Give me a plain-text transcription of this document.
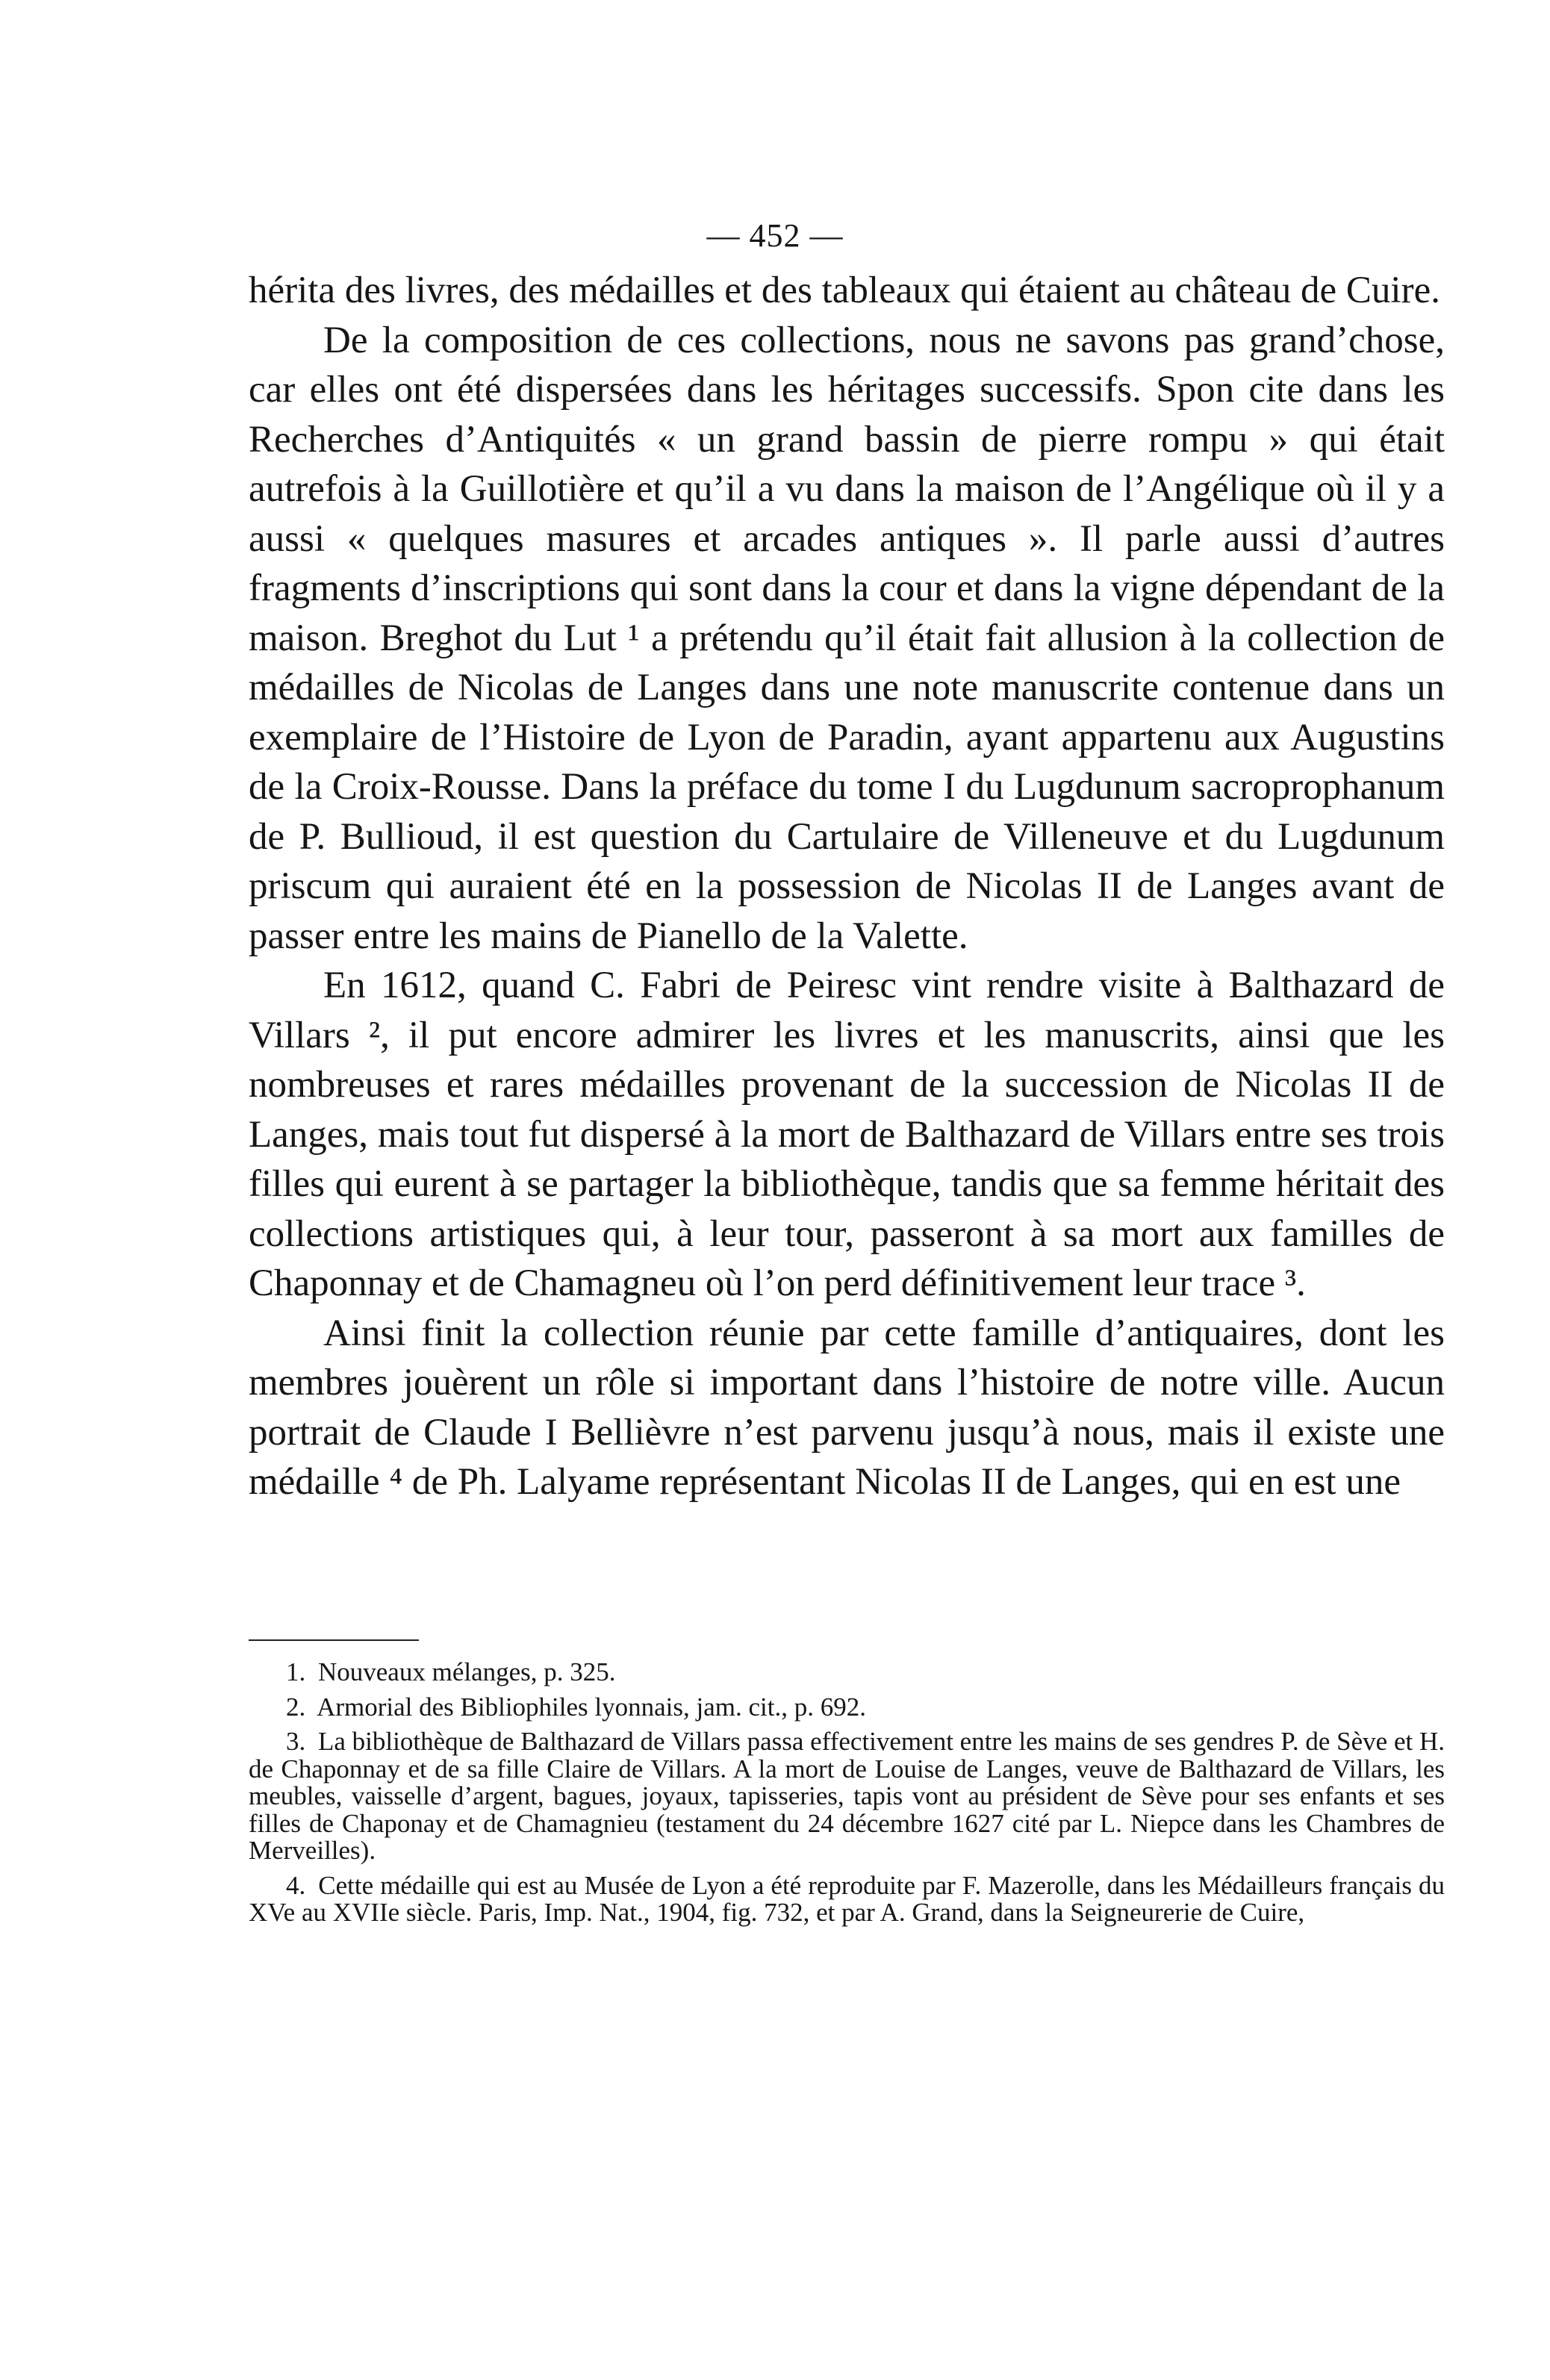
— 452 —

hérita des livres, des médailles et des tableaux qui étaient au château de Cuire.

De la composition de ces collections, nous ne savons pas grand’chose, car elles ont été dispersées dans les héritages successifs. Spon cite dans les Recherches d’Antiquités « un grand bassin de pierre rompu » qui était autrefois à la Guillotière et qu’il a vu dans la maison de l’Angélique où il y a aussi « quelques masures et arcades antiques ». Il parle aussi d’autres fragments d’inscriptions qui sont dans la cour et dans la vigne dépendant de la maison. Breghot du Lut ¹ a prétendu qu’il était fait allusion à la collection de médailles de Nicolas de Langes dans une note manuscrite contenue dans un exemplaire de l’Histoire de Lyon de Paradin, ayant appartenu aux Augustins de la Croix-Rousse. Dans la préface du tome I du Lugdunum sacroprophanum de P. Bullioud, il est question du Cartulaire de Villeneuve et du Lugdunum priscum qui auraient été en la possession de Nicolas II de Langes avant de passer entre les mains de Pianello de la Valette.

En 1612, quand C. Fabri de Peiresc vint rendre visite à Balthazard de Villars ², il put encore admirer les livres et les manuscrits, ainsi que les nombreuses et rares médailles provenant de la succession de Nicolas II de Langes, mais tout fut dispersé à la mort de Balthazard de Villars entre ses trois filles qui eurent à se partager la bibliothèque, tandis que sa femme héritait des collections artistiques qui, à leur tour, passeront à sa mort aux familles de Chaponnay et de Chamagneu où l’on perd définitivement leur trace ³.

Ainsi finit la collection réunie par cette famille d’antiquaires, dont les membres jouèrent un rôle si important dans l’histoire de notre ville. Aucun portrait de Claude I Bellièvre n’est parvenu jusqu’à nous, mais il existe une médaille ⁴ de Ph. Lalyame représentant Nicolas II de Langes, qui en est une

1. Nouveaux mélanges, p. 325.

2. Armorial des Bibliophiles lyonnais, jam. cit., p. 692.

3. La bibliothèque de Balthazard de Villars passa effectivement entre les mains de ses gendres P. de Sève et H. de Chaponnay et de sa fille Claire de Villars. A la mort de Louise de Langes, veuve de Balthazard de Villars, les meubles, vaisselle d’argent, bagues, joyaux, tapisseries, tapis vont au président de Sève pour ses enfants et ses filles de Chaponay et de Chamagnieu (testament du 24 décembre 1627 cité par L. Niepce dans les Chambres de Merveilles).

4. Cette médaille qui est au Musée de Lyon a été reproduite par F. Mazerolle, dans les Médailleurs français du XVe au XVIIe siècle. Paris, Imp. Nat., 1904, fig. 732, et par A. Grand, dans la Seigneurerie de Cuire,
